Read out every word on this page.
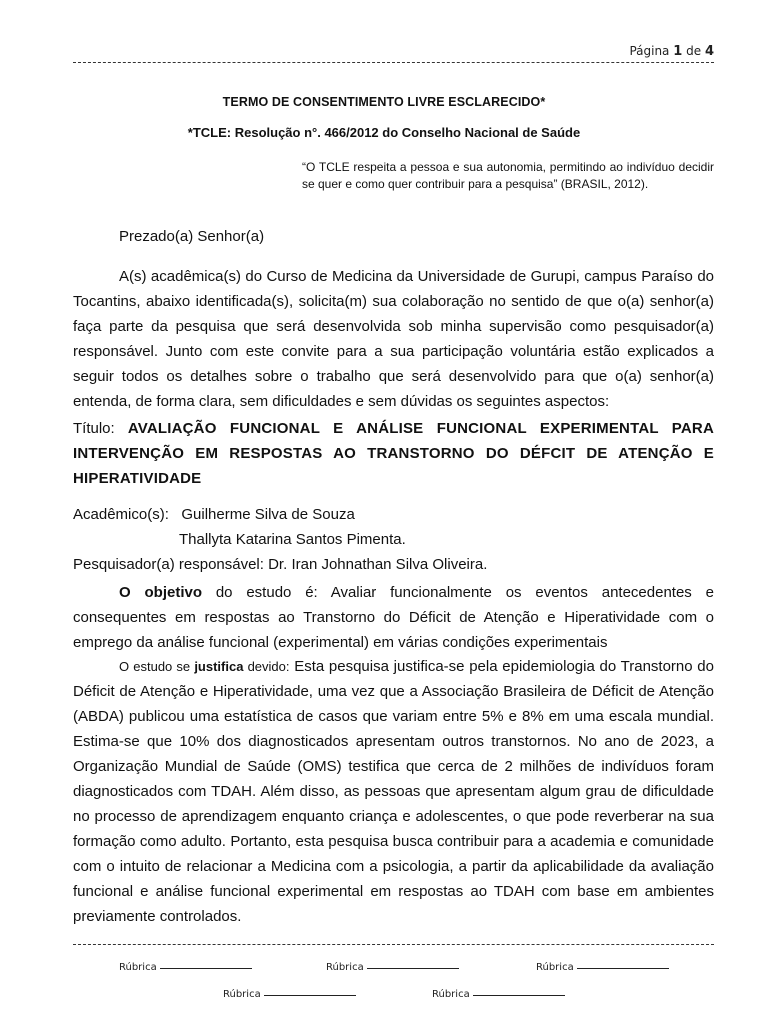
Página 1 de 4
TERMO DE CONSENTIMENTO LIVRE ESCLARECIDO*
*TCLE: Resolução n°. 466/2012 do Conselho Nacional de Saúde
“O TCLE respeita a pessoa e sua autonomia, permitindo ao indivíduo decidir se quer e como quer contribuir para a pesquisa” (BRASIL, 2012).
Prezado(a) Senhor(a)
A(s) acadêmica(s) do Curso de Medicina da Universidade de Gurupi, campus Paraíso do Tocantins, abaixo identificada(s), solicita(m) sua colaboração no sentido de que o(a) senhor(a) faça parte da pesquisa que será desenvolvida sob minha supervisão como pesquisador(a) responsável. Junto com este convite para a sua participação voluntária estão explicados a seguir todos os detalhes sobre o trabalho que será desenvolvido para que o(a) senhor(a) entenda, de forma clara, sem dificuldades e sem dúvidas os seguintes aspectos:
Título: AVALIAÇÃO FUNCIONAL E ANÁLISE FUNCIONAL EXPERIMENTAL PARA INTERVENÇÃO EM RESPOSTAS AO TRANSTORNO DO DÉFCIT DE ATENÇÃO E HIPERATIVIDADE
Acadêmico(s): Guilherme Silva de Souza
Thallyta Katarina Santos Pimenta.
Pesquisador(a) responsável: Dr. Iran Johnathan Silva Oliveira.
O objetivo do estudo é: Avaliar funcionalmente os eventos antecedentes e consequentes em respostas ao Transtorno do Déficit de Atenção e Hiperatividade com o emprego da análise funcional (experimental) em várias condições experimentais
O estudo se justifica devido: Esta pesquisa justifica-se pela epidemiologia do Transtorno do Déficit de Atenção e Hiperatividade, uma vez que a Associação Brasileira de Déficit de Atenção (ABDA) publicou uma estatística de casos que variam entre 5% e 8% em uma escala mundial. Estima-se que 10% dos diagnosticados apresentam outros transtornos. No ano de 2023, a Organização Mundial de Saúde (OMS) testifica que cerca de 2 milhões de indivíduos foram diagnosticados com TDAH. Além disso, as pessoas que apresentam algum grau de dificuldade no processo de aprendizagem enquanto criança e adolescentes, o que pode reverberar na sua formação como adulto. Portanto, esta pesquisa busca contribuir para a academia e comunidade com o intuito de relacionar a Medicina com a psicologia, a partir da aplicabilidade da avaliação funcional e análise funcional experimental em respostas ao TDAH com base em ambientes previamente controlados.
Rúbrica	Rúbrica	Rúbrica
Rúbrica	Rúbrica
